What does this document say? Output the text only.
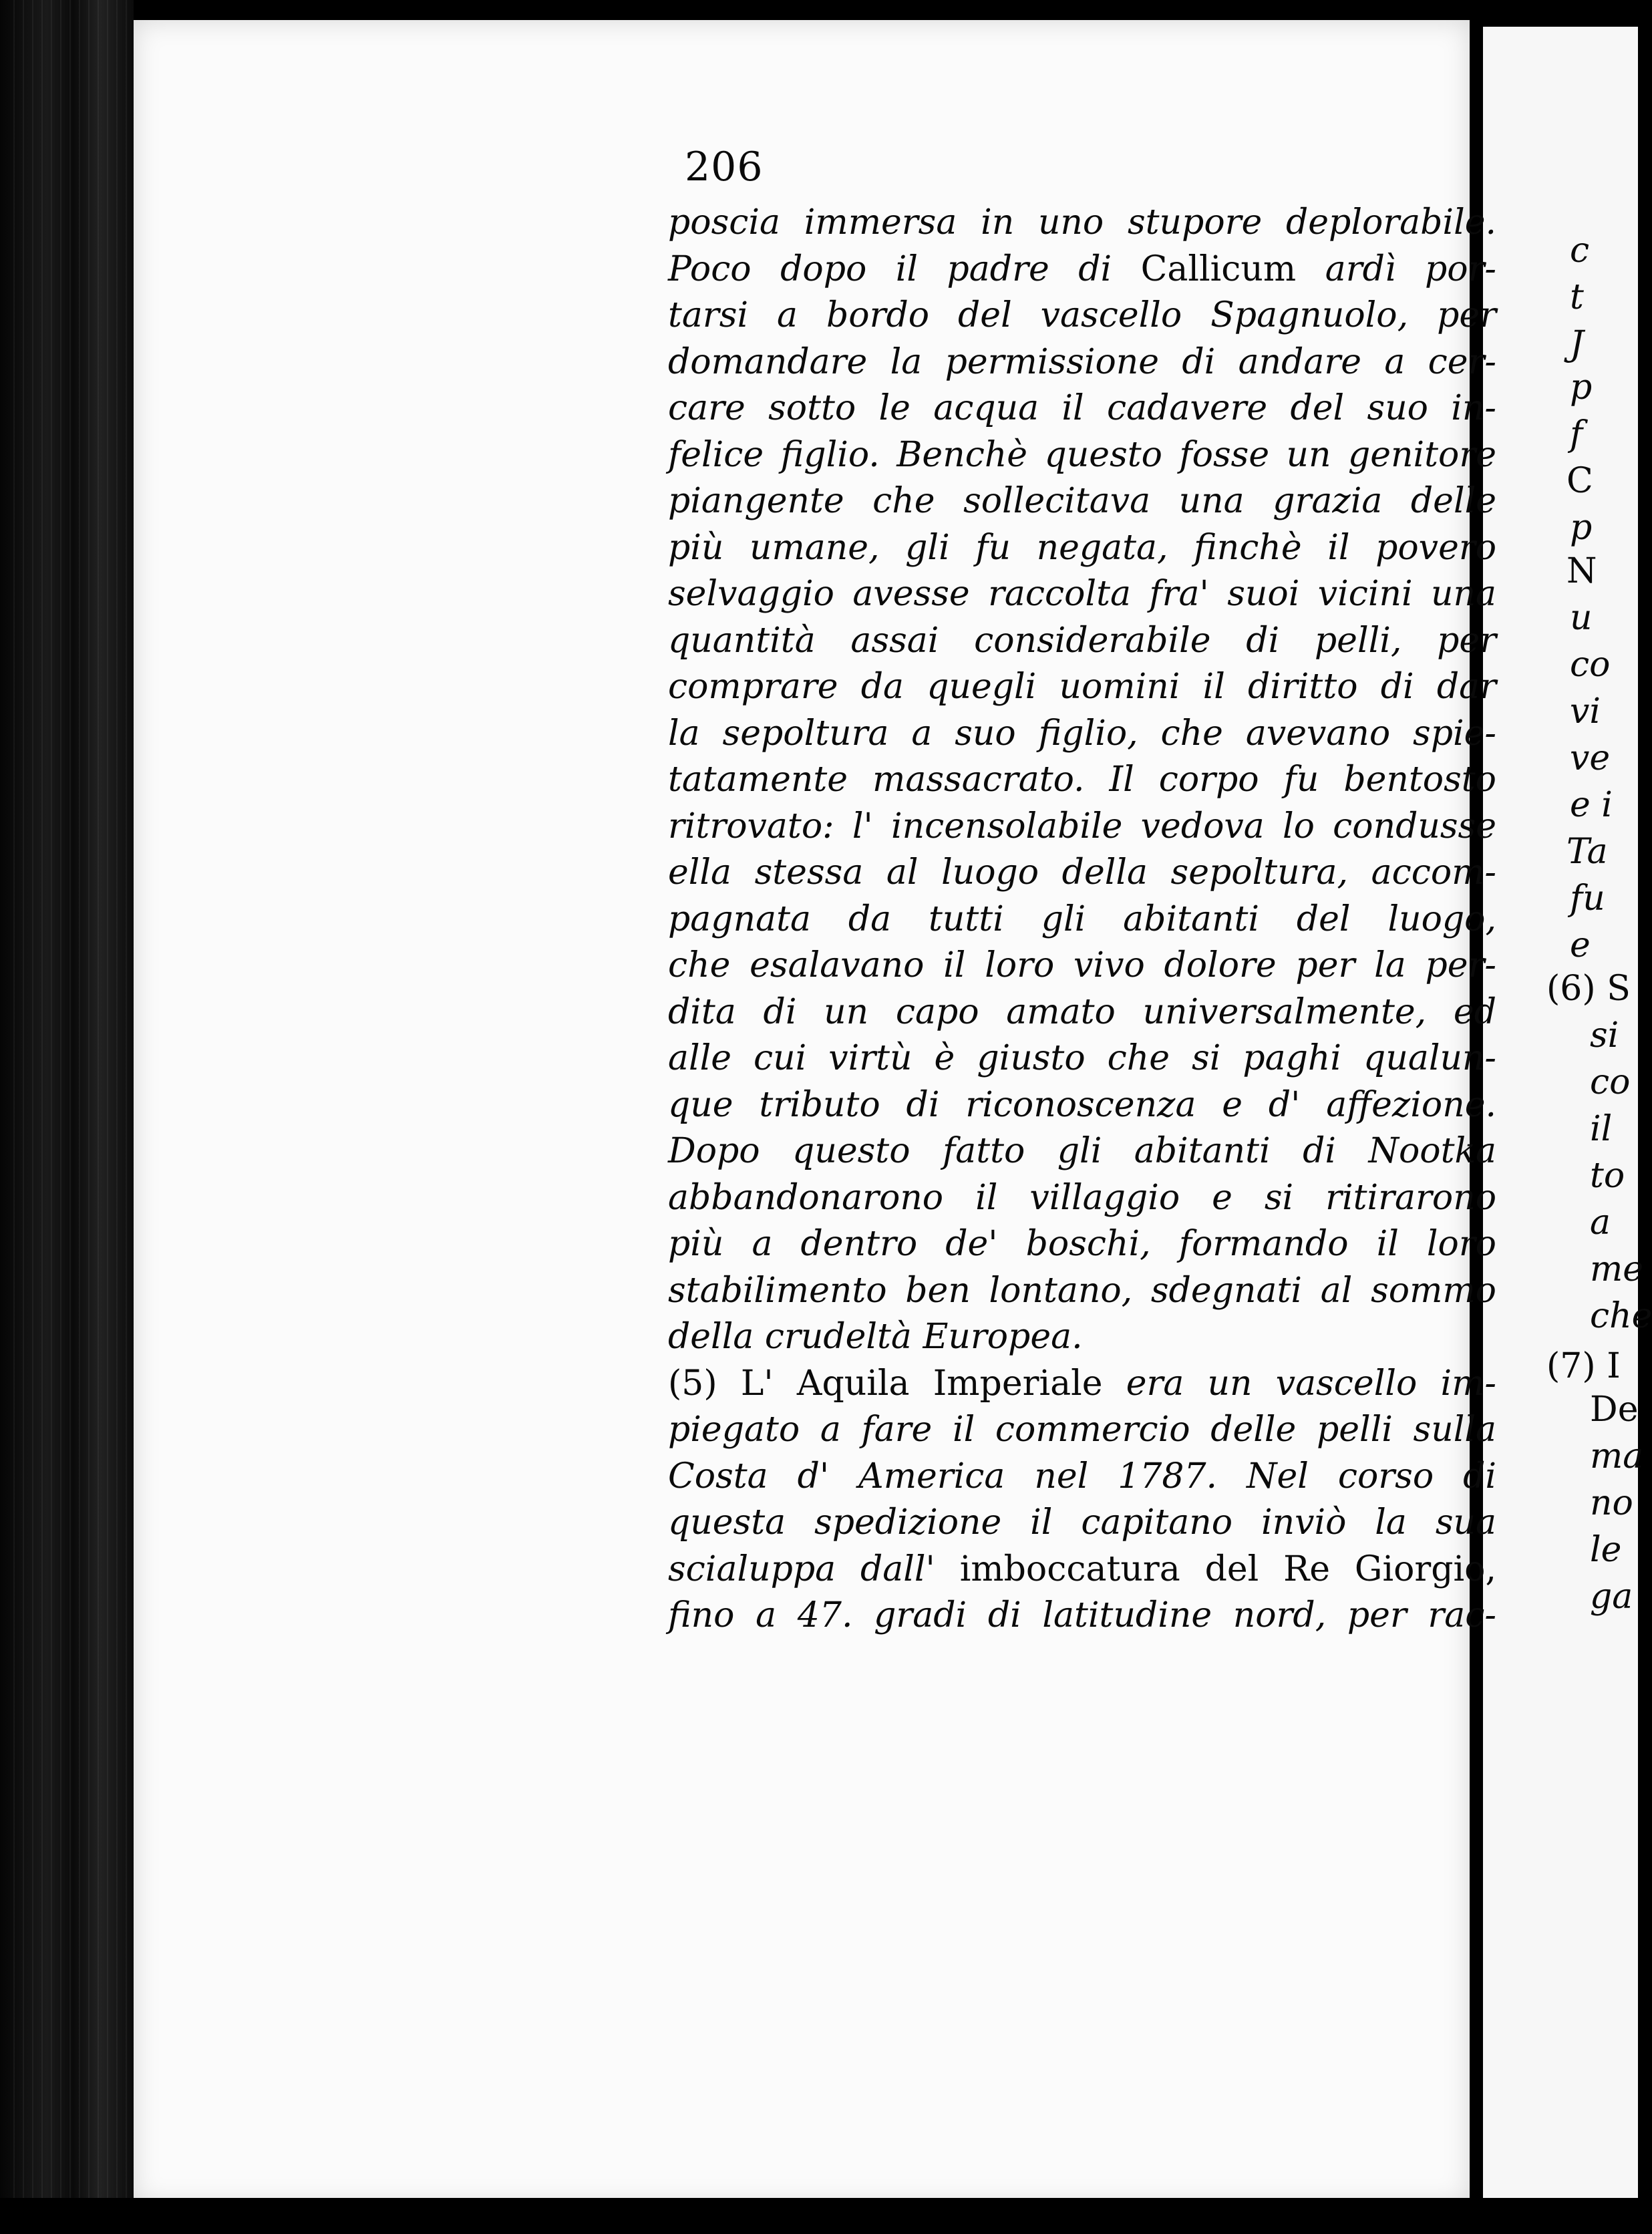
c
t
J
p
f
C
p
N
u
co
vi
ve
e i
Ta
fu
e
(6) S
si
co
il
to
a
me
che
(7) I
De
ma
no
le
ga
206
poscia immersa in uno stupore deplorabile.
Poco dopo il padre di Callicum ardì por-
tarsi a bordo del vascello Spagnuolo, per
domandare la permissione di andare a cer-
care sotto le acqua il cadavere del suo in-
felice figlio. Benchè questo fosse un genitore
piangente che sollecitava una grazia delle
più umane, gli fu negata, finchè il povero
selvaggio avesse raccolta fra' suoi vicini una
quantità assai considerabile di pelli, per
comprare da quegli uomini il diritto di dar
la sepoltura a suo figlio, che avevano spie-
tatamente massacrato. Il corpo fu bentosto
ritrovato: l' incensolabile vedova lo condusse
ella stessa al luogo della sepoltura, accom-
pagnata da tutti gli abitanti del luogo,
che esalavano il loro vivo dolore per la per-
dita di un capo amato universalmente, ed
alle cui virtù è giusto che si paghi qualun-
que tributo di riconoscenza e d' affezione.
Dopo questo fatto gli abitanti di Nootka
abbandonarono il villaggio e si ritirarono
più a dentro de' boschi, formando il loro
stabilimento ben lontano, sdegnati al sommo
della crudeltà Europea.
(5) L' Aquila Imperiale era un vascello im-
piegato a fare il commercio delle pelli sulla
Costa d' America nel 1787. Nel corso di
questa spedizione il capitano inviò la sua
scialuppa dall' imboccatura del Re Giorgio,
fino a 47. gradi di latitudine nord, per rac-
